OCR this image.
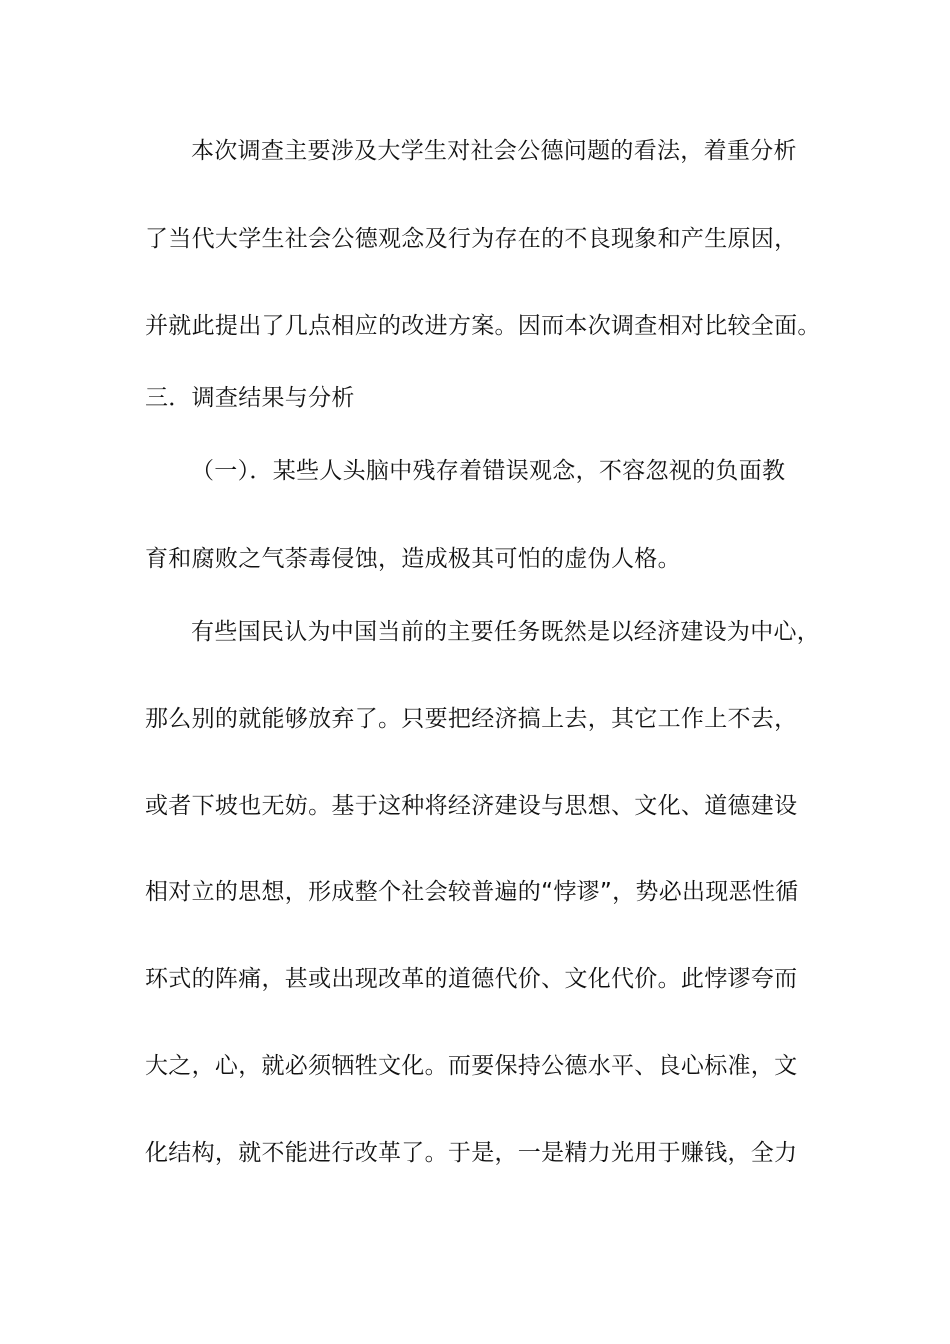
本次调查主要涉及大学生对社会公德问题的看法，着重分析
了当代大学生社会公德观念及行为存在的不良现象和产生原因，
并就此提出了几点相应的改进方案。因而本次调查相对比较全面。
三．调查结果与分析
（一）．某些人头脑中残存着错误观念，不容忽视的负面教
育和腐败之气荼毒侵蚀，造成极其可怕的虚伪人格。
有些国民认为中国当前的主要任务既然是以经济建设为中心，
那么别的就能够放弃了。只要把经济搞上去，其它工作上不去，
或者下坡也无妨。基于这种将经济建设与思想、文化、道德建设
相对立的思想，形成整个社会较普遍的“悖谬”，势必出现恶性循
环式的阵痛，甚或出现改革的道德代价、文化代价。此悖谬夸而
大之，心，就必须牺牲文化。而要保持公德水平、良心标准，文
化结构，就不能进行改革了。于是，一是精力光用于赚钱，全力
